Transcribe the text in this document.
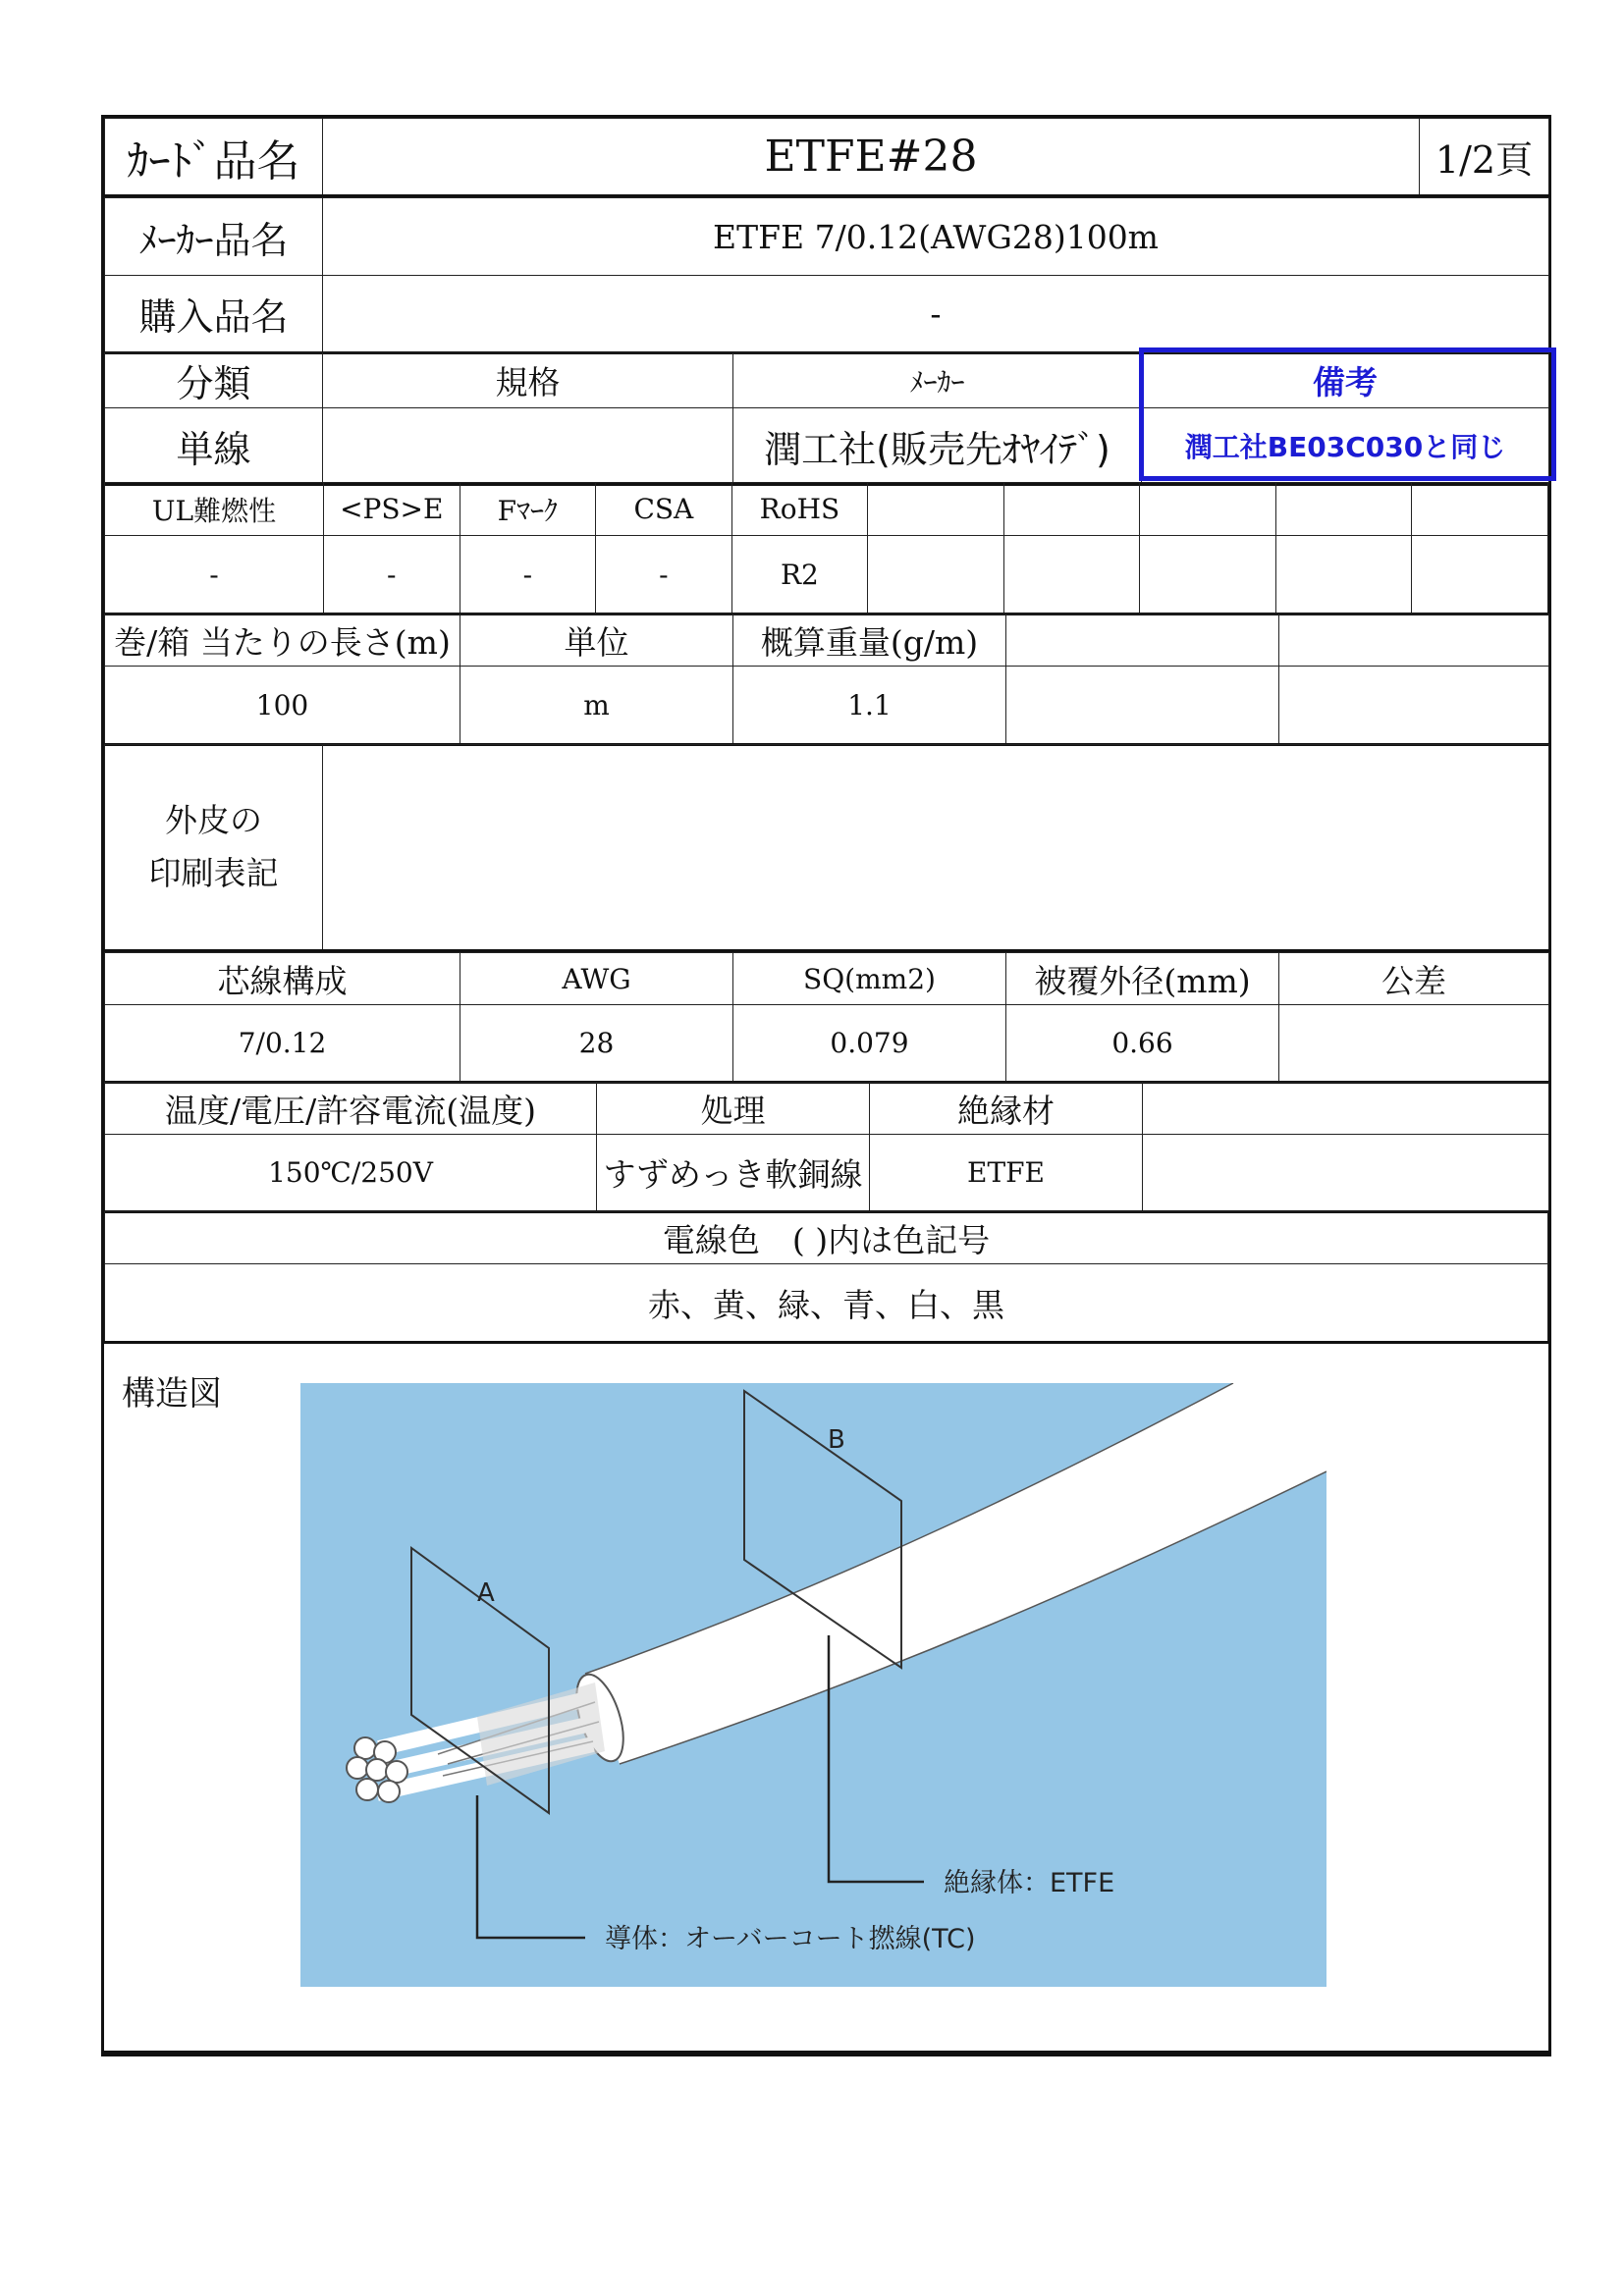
ｶｰﾄﾞ品名	ETFE#28	1/2頁
ﾒｰｶｰ品名	ETFE 7/0.12(AWG28)100m
購入品名	-
分類	規格	ﾒｰｶｰ	備考
単線		潤工社(販売先ｵﾔｲﾃﾞ)	潤工社BE03C030と同じ
UL難燃性	<PS>E	Fﾏｰｸ	CSA	RoHS					
-	-	-	-	R2					
巻/箱 当たりの長さ(m)	単位	概算重量(g/m)		
100	m	1.1		
外皮の
印刷表記

芯線構成	AWG	SQ(mm2)	被覆外径(mm)	公差
7/0.12	28	0.079	0.66	
温度/電圧/許容電流(温度)	処理	絶縁材	
150℃/250V	すずめっき軟銅線	ETFE	
電線色　( )内は色記号
赤、黄、緑、青、白、黒
構造図
A
B
絶縁体：ETFE
導体：オーバーコート撚線(TC)
